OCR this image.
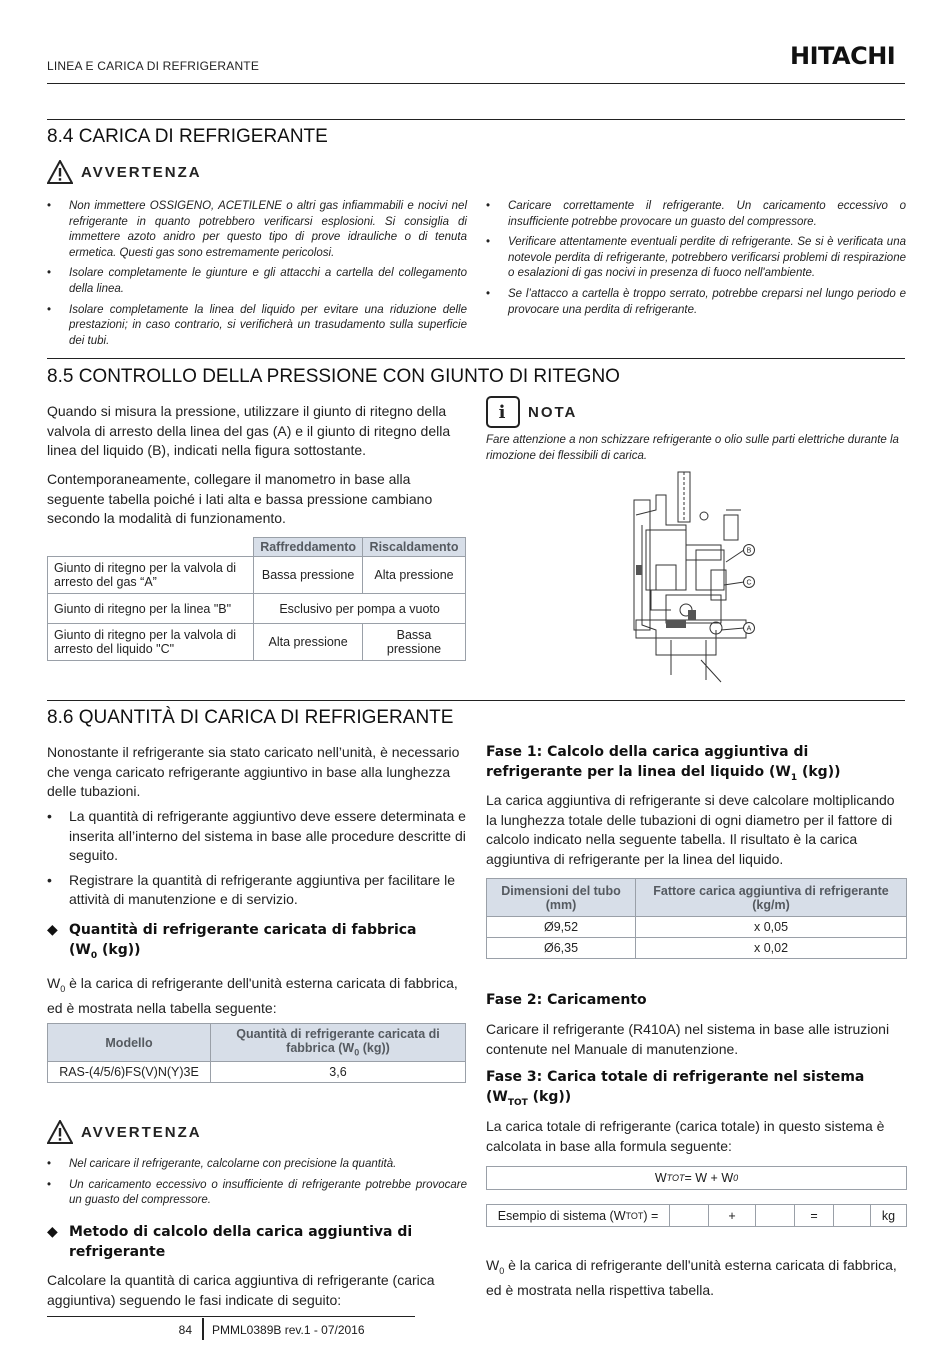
LINEA E CARICA DI REFRIGERANTE	HITACHI
8.4 CARICA DI REFRIGERANTE
AVVERTENZA
• Non immettere OSSIGENO, ACETILENE o altri gas infiammabili e nocivi nel refrigerante in quanto potrebbero verificarsi esplosioni. Si consiglia di immettere azoto anidro per questo tipo di prove idrauliche o di tenuta ermetica. Questi gas sono estremamente pericolosi.
• Isolare completamente le giunture e gli attacchi a cartella del collegamento della linea.
• Isolare completamente la linea del liquido per evitare una riduzione delle prestazioni; in caso contrario, si verificherà un trasudamento sulla superficie dei tubi.
• Caricare correttamente il refrigerante. Un caricamento eccessivo o insufficiente potrebbe provocare un guasto del compressore.
• Verificare attentamente eventuali perdite di refrigerante. Se si è verificata una notevole perdita di refrigerante, potrebbero verificarsi problemi di respirazione o esalazioni di gas nocivi in presenza di fuoco nell'ambiente.
• Se l’attacco a cartella è troppo serrato, potrebbe creparsi nel lungo periodo e provocare una perdita di refrigerante.
8.5 CONTROLLO DELLA PRESSIONE CON GIUNTO DI RITEGNO
Quando si misura la pressione, utilizzare il giunto di ritegno della valvola di arresto della linea del gas (A) e il giunto di ritegno della linea del liquido (B), indicati nella figura sottostante.
Contemporaneamente, collegare il manometro in base alla seguente tabella poiché i lati alta e bassa pressione cambiano secondo la modalità di funzionamento.
i	NOTA
Fare attenzione a non schizzare refrigerante o olio sulle parti elettriche durante la rimozione dei flessibili di carica.
	Raffreddamento	Riscaldamento
Giunto di ritegno per la valvola di arresto del gas “A”	Bassa pressione	Alta pressione
Giunto di ritegno per la linea "B"	Esclusivo per pompa a vuoto	
Giunto di ritegno per la valvola di arresto del liquido "C"	Alta pressione	Bassa pressione
B
C
A
8.6 QUANTITÀ DI CARICA DI REFRIGERANTE
Nonostante il refrigerante sia stato caricato nell’unità, è necessario che venga caricato refrigerante aggiuntivo in base alla lunghezza delle tubazioni.
• La quantità di refrigerante aggiuntivo deve essere determinata e inserita all’interno del sistema in base alle procedure descritte di seguito.
• Registrare la quantità di refrigerante aggiuntiva per facilitare le attività di manutenzione e di servizio.
◆ Quantità di refrigerante caricata di fabbrica
($W_0$ (kg))
$W_0$ è la carica di refrigerante dell'unità esterna caricata di fabbrica, ed è mostrata nella tabella seguente:
Modello	Quantità di refrigerante caricata di fabbrica ($W_0$ (kg))
RAS-(4/5/6)FS(V)N(Y)3E	3,6
AVVERTENZA
• Nel caricare il refrigerante, calcolarne con precisione la quantità.
• Un caricamento eccessivo o insufficiente di refrigerante potrebbe provocare un guasto del compressore.
◆ Metodo di calcolo della carica aggiuntiva di refrigerante
Calcolare la quantità di carica aggiuntiva di refrigerante (carica aggiuntiva) seguendo le fasi indicate di seguito:
Fase 1: Calcolo della carica aggiuntiva di refrigerante per la linea del liquido ($W_1$ (kg))
La carica aggiuntiva di refrigerante si deve calcolare moltiplicando la lunghezza totale delle tubazioni di ogni diametro per il fattore di calcolo indicato nella seguente tabella. Il risultato è la carica aggiuntiva di refrigerante per la linea del liquido.
Dimensioni del tubo (mm)	Fattore carica aggiuntiva di refrigerante (kg/m)
Ø9,52	x 0,05
Ø6,35	x 0,02
Fase 2: Caricamento
Caricare il refrigerante (R410A) nel sistema in base alle istruzioni contenute nel Manuale di manutenzione.
Fase 3: Carica totale di refrigerante nel sistema ($W_{TOT}$ (kg))
La carica totale di refrigerante (carica totale) in questo sistema è calcolata in base alla formula seguente:
W TOT = W + W 0
Esempio di sistema (W TOT ) =	+	=	kg
$W_0$ è la carica di refrigerante dell'unità esterna caricata di fabbrica, ed è mostrata nella rispettiva tabella.
84 PMML0389B rev.1 - 07/2016
